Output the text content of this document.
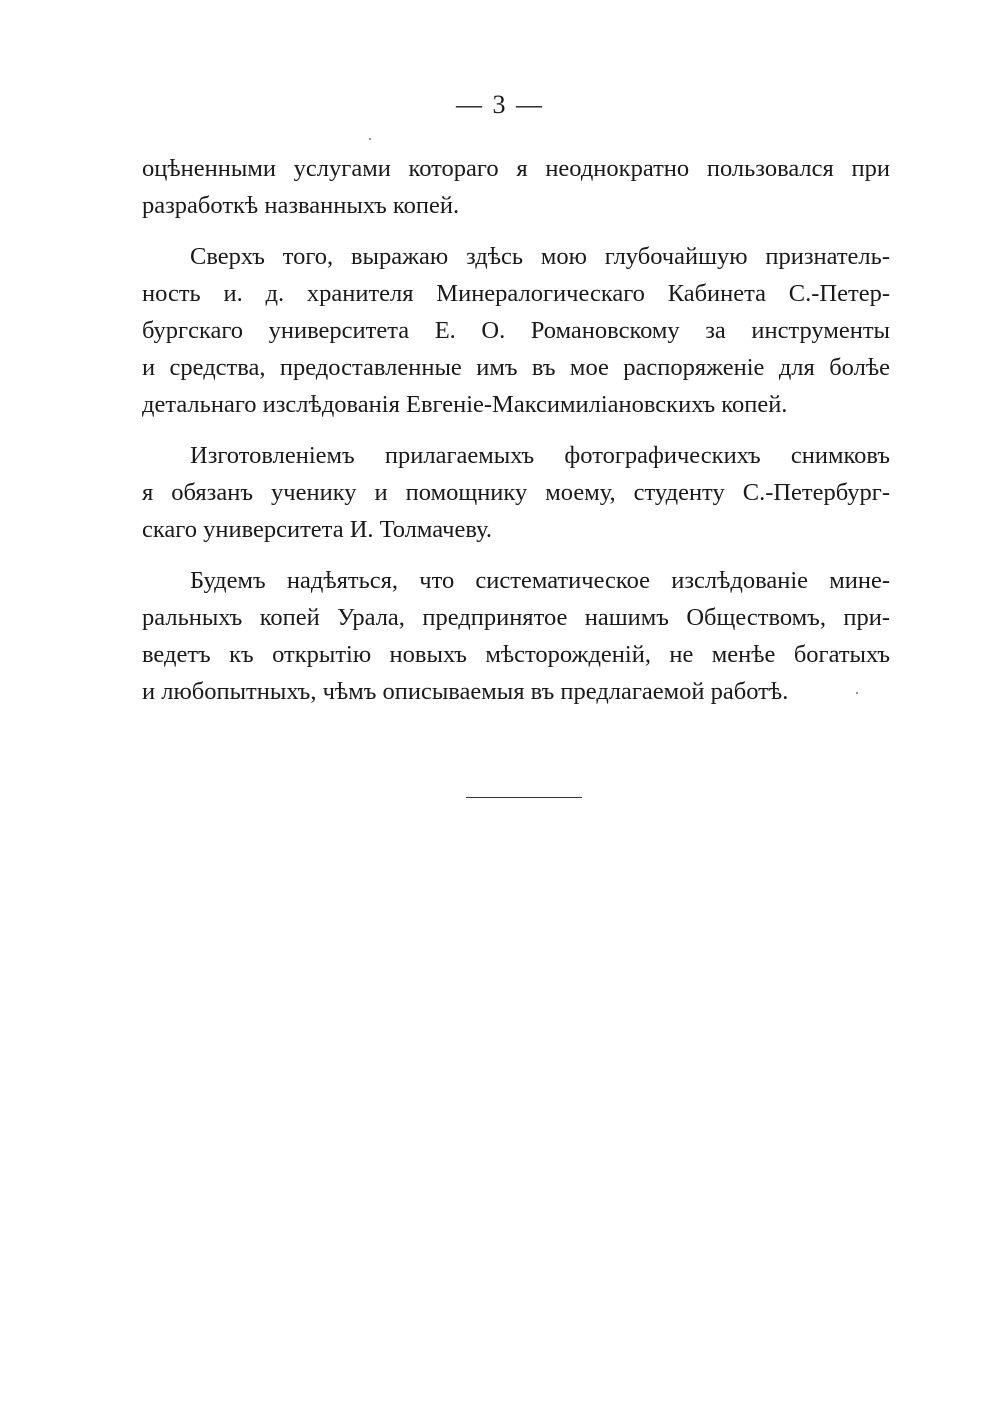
— 3 —
оцѣненными услугами котораго я неоднократно пользовался при
разработкѣ названныхъ копей.
Сверхъ того, выражаю здѣсь мою глубочайшую признатель-
ность и. д. хранителя Минералогическаго Кабинета С.-Петер-
бургскаго университета Е. О. Романовскому за инструменты
и средства, предоставленные имъ въ мое распоряженіе для болѣе
детальнаго изслѣдованія Евгеніе-Максимиліановскихъ копей.
Изготовленіемъ прилагаемыхъ фотографическихъ снимковъ
я обязанъ ученику и помощнику моему, студенту С.-Петербург-
скаго университета И. Толмачеву.
Будемъ надѣяться, что систематическое изслѣдованіе мине-
ральныхъ копей Урала, предпринятое нашимъ Обществомъ, при-
ведетъ къ открытію новыхъ мѣсторожденій, не менѣе богатыхъ
и любопытныхъ, чѣмъ описываемыя въ предлагаемой работѣ.
